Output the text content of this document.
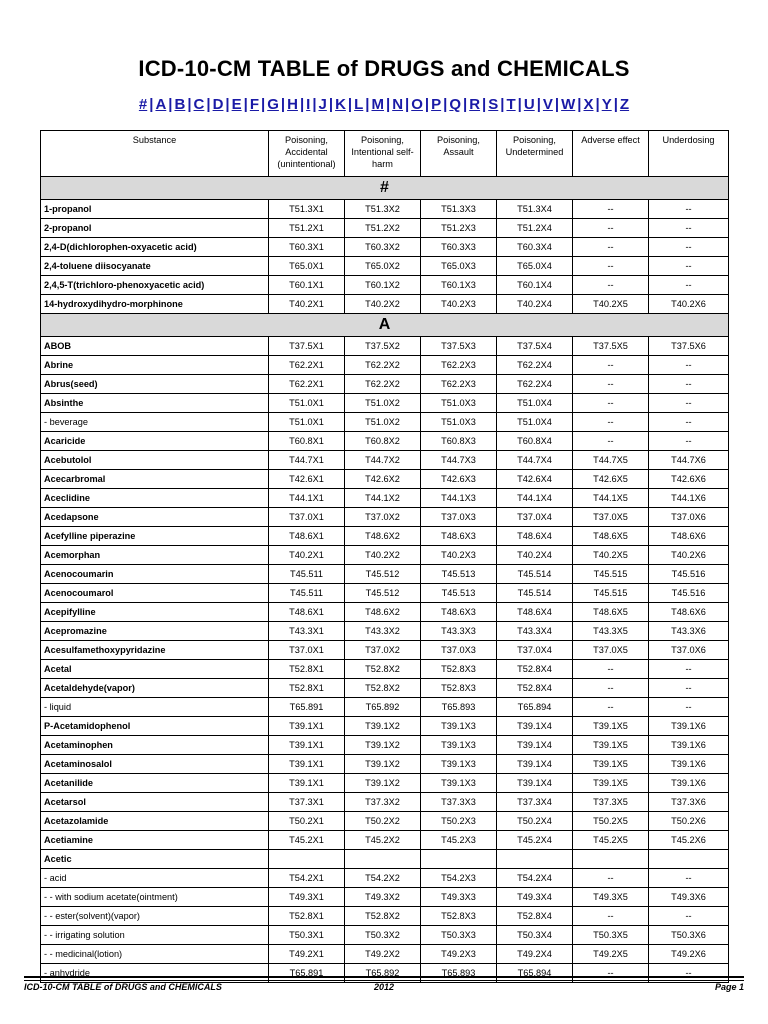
ICD-10-CM TABLE of DRUGS and CHEMICALS
# | A | B | C | D | E | F | G | H | I | J | K | L | M | N | O | P | Q | R | S | T | U | V | W | X | Y | Z
Substance	Poisoning, Accidental (unintentional)	Poisoning, Intentional self-harm	Poisoning, Assault	Poisoning, Undetermined	Adverse effect	Underdosing
#						
1-propanol	T51.3X1	T51.3X2	T51.3X3	T51.3X4	--	--
2-propanol	T51.2X1	T51.2X2	T51.2X3	T51.2X4	--	--
2,4-D(dichlorophen-oxyacetic acid)	T60.3X1	T60.3X2	T60.3X3	T60.3X4	--	--
2,4-toluene diisocyanate	T65.0X1	T65.0X2	T65.0X3	T65.0X4	--	--
2,4,5-T(trichloro-phenoxyacetic acid)	T60.1X1	T60.1X2	T60.1X3	T60.1X4	--	--
14-hydroxydihydro-morphinone	T40.2X1	T40.2X2	T40.2X3	T40.2X4	T40.2X5	T40.2X6
A						
ABOB	T37.5X1	T37.5X2	T37.5X3	T37.5X4	T37.5X5	T37.5X6
Abrine	T62.2X1	T62.2X2	T62.2X3	T62.2X4	--	--
Abrus(seed)	T62.2X1	T62.2X2	T62.2X3	T62.2X4	--	--
Absinthe	T51.0X1	T51.0X2	T51.0X3	T51.0X4	--	--
- beverage	T51.0X1	T51.0X2	T51.0X3	T51.0X4	--	--
Acaricide	T60.8X1	T60.8X2	T60.8X3	T60.8X4	--	--
Acebutolol	T44.7X1	T44.7X2	T44.7X3	T44.7X4	T44.7X5	T44.7X6
Acecarbromal	T42.6X1	T42.6X2	T42.6X3	T42.6X4	T42.6X5	T42.6X6
Aceclidine	T44.1X1	T44.1X2	T44.1X3	T44.1X4	T44.1X5	T44.1X6
Acedapsone	T37.0X1	T37.0X2	T37.0X3	T37.0X4	T37.0X5	T37.0X6
Acefylline piperazine	T48.6X1	T48.6X2	T48.6X3	T48.6X4	T48.6X5	T48.6X6
Acemorphan	T40.2X1	T40.2X2	T40.2X3	T40.2X4	T40.2X5	T40.2X6
Acenocoumarin	T45.511	T45.512	T45.513	T45.514	T45.515	T45.516
Acenocoumarol	T45.511	T45.512	T45.513	T45.514	T45.515	T45.516
Acepifylline	T48.6X1	T48.6X2	T48.6X3	T48.6X4	T48.6X5	T48.6X6
Acepromazine	T43.3X1	T43.3X2	T43.3X3	T43.3X4	T43.3X5	T43.3X6
Acesulfamethoxypyridazine	T37.0X1	T37.0X2	T37.0X3	T37.0X4	T37.0X5	T37.0X6
Acetal	T52.8X1	T52.8X2	T52.8X3	T52.8X4	--	--
Acetaldehyde(vapor)	T52.8X1	T52.8X2	T52.8X3	T52.8X4	--	--
- liquid	T65.891	T65.892	T65.893	T65.894	--	--
P-Acetamidophenol	T39.1X1	T39.1X2	T39.1X3	T39.1X4	T39.1X5	T39.1X6
Acetaminophen	T39.1X1	T39.1X2	T39.1X3	T39.1X4	T39.1X5	T39.1X6
Acetaminosalol	T39.1X1	T39.1X2	T39.1X3	T39.1X4	T39.1X5	T39.1X6
Acetanilide	T39.1X1	T39.1X2	T39.1X3	T39.1X4	T39.1X5	T39.1X6
Acetarsol	T37.3X1	T37.3X2	T37.3X3	T37.3X4	T37.3X5	T37.3X6
Acetazolamide	T50.2X1	T50.2X2	T50.2X3	T50.2X4	T50.2X5	T50.2X6
Acetiamine	T45.2X1	T45.2X2	T45.2X3	T45.2X4	T45.2X5	T45.2X6
Acetic						
- acid	T54.2X1	T54.2X2	T54.2X3	T54.2X4	--	--
- - with sodium acetate(ointment)	T49.3X1	T49.3X2	T49.3X3	T49.3X4	T49.3X5	T49.3X6
- - ester(solvent)(vapor)	T52.8X1	T52.8X2	T52.8X3	T52.8X4	--	--
- - irrigating solution	T50.3X1	T50.3X2	T50.3X3	T50.3X4	T50.3X5	T50.3X6
- - medicinal(lotion)	T49.2X1	T49.2X2	T49.2X3	T49.2X4	T49.2X5	T49.2X6
- anhydride	T65.891	T65.892	T65.893	T65.894	--	--
ICD-10-CM TABLE of DRUGS and CHEMICALS	2012	Page 1
